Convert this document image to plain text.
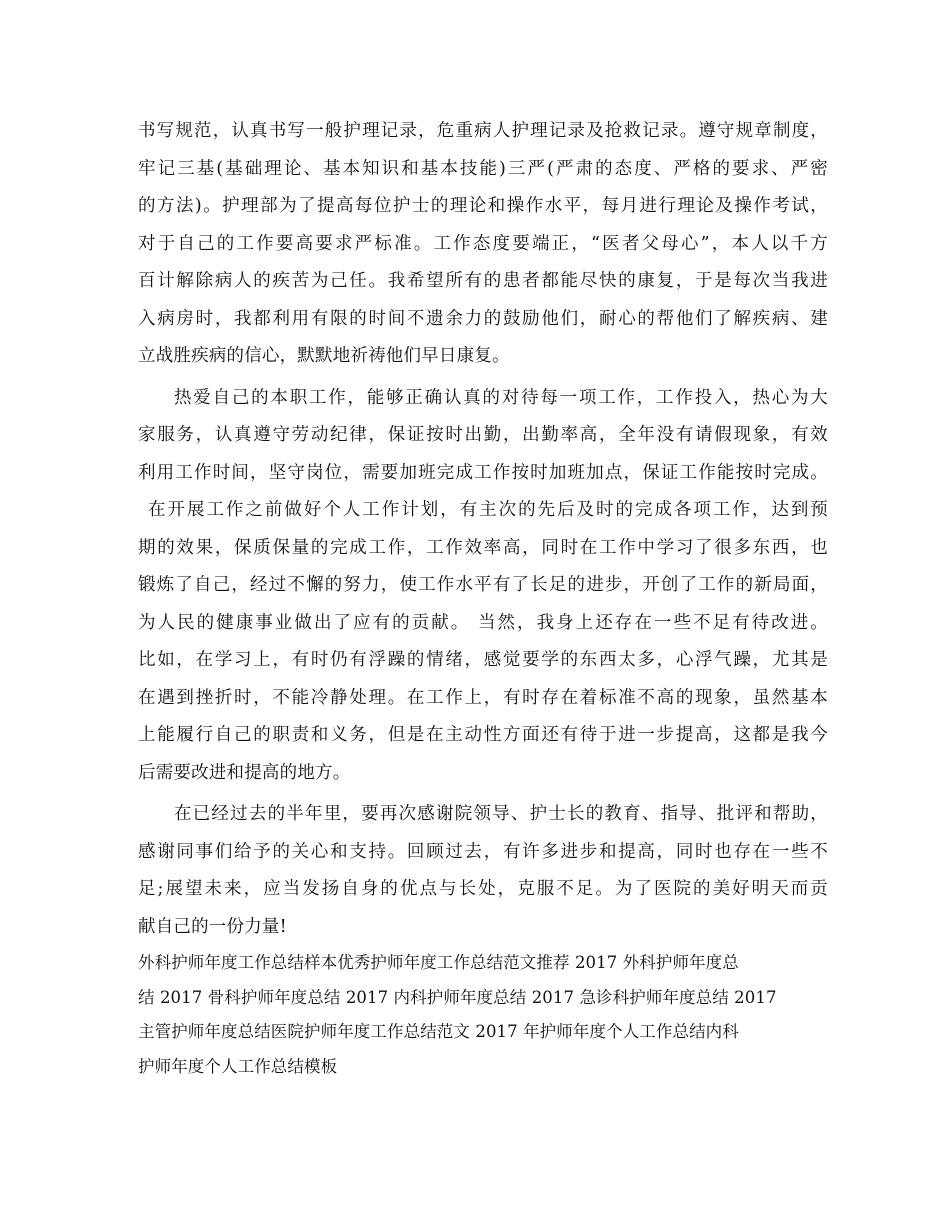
书写规范，认真书写一般护理记录，危重病人护理记录及抢救记录。遵守规章制度，
牢记三基(基础理论、基本知识和基本技能)三严(严肃的态度、严格的要求、严密
的方法)。护理部为了提高每位护士的理论和操作水平，每月进行理论及操作考试，
对于自己的工作要高要求严标准。工作态度要端正，“医者父母心”，本人以千方
百计解除病人的疾苦为己任。我希望所有的患者都能尽快的康复，于是每次当我进
入病房时，我都利用有限的时间不遗余力的鼓励他们，耐心的帮他们了解疾病、建
立战胜疾病的信心，默默地祈祷他们早日康复。
热爱自己的本职工作，能够正确认真的对待每一项工作，工作投入，热心为大
家服务，认真遵守劳动纪律，保证按时出勤，出勤率高，全年没有请假现象，有效
利用工作时间，坚守岗位，需要加班完成工作按时加班加点，保证工作能按时完成。
在开展工作之前做好个人工作计划，有主次的先后及时的完成各项工作，达到预
期的效果，保质保量的完成工作，工作效率高，同时在工作中学习了很多东西，也
锻炼了自己，经过不懈的努力，使工作水平有了长足的进步，开创了工作的新局面，
为人民的健康事业做出了应有的贡献。 当然，我身上还存在一些不足有待改进。
比如，在学习上，有时仍有浮躁的情绪，感觉要学的东西太多，心浮气躁，尤其是
在遇到挫折时，不能冷静处理。在工作上，有时存在着标准不高的现象，虽然基本
上能履行自己的职责和义务，但是在主动性方面还有待于进一步提高，这都是我今
后需要改进和提高的地方。
在已经过去的半年里，要再次感谢院领导、护士长的教育、指导、批评和帮助，
感谢同事们给予的关心和支持。回顾过去，有许多进步和提高，同时也存在一些不
足;展望未来，应当发扬自身的优点与长处，克服不足。为了医院的美好明天而贡
献自己的一份力量!
外科护师年度工作总结样本优秀护师年度工作总结范文推荐 2017 外科护师年度总
结 2017 骨科护师年度总结 2017 内科护师年度总结 2017 急诊科护师年度总结 2017
主管护师年度总结医院护师年度工作总结范文 2017 年护师年度个人工作总结内科
护师年度个人工作总结模板
